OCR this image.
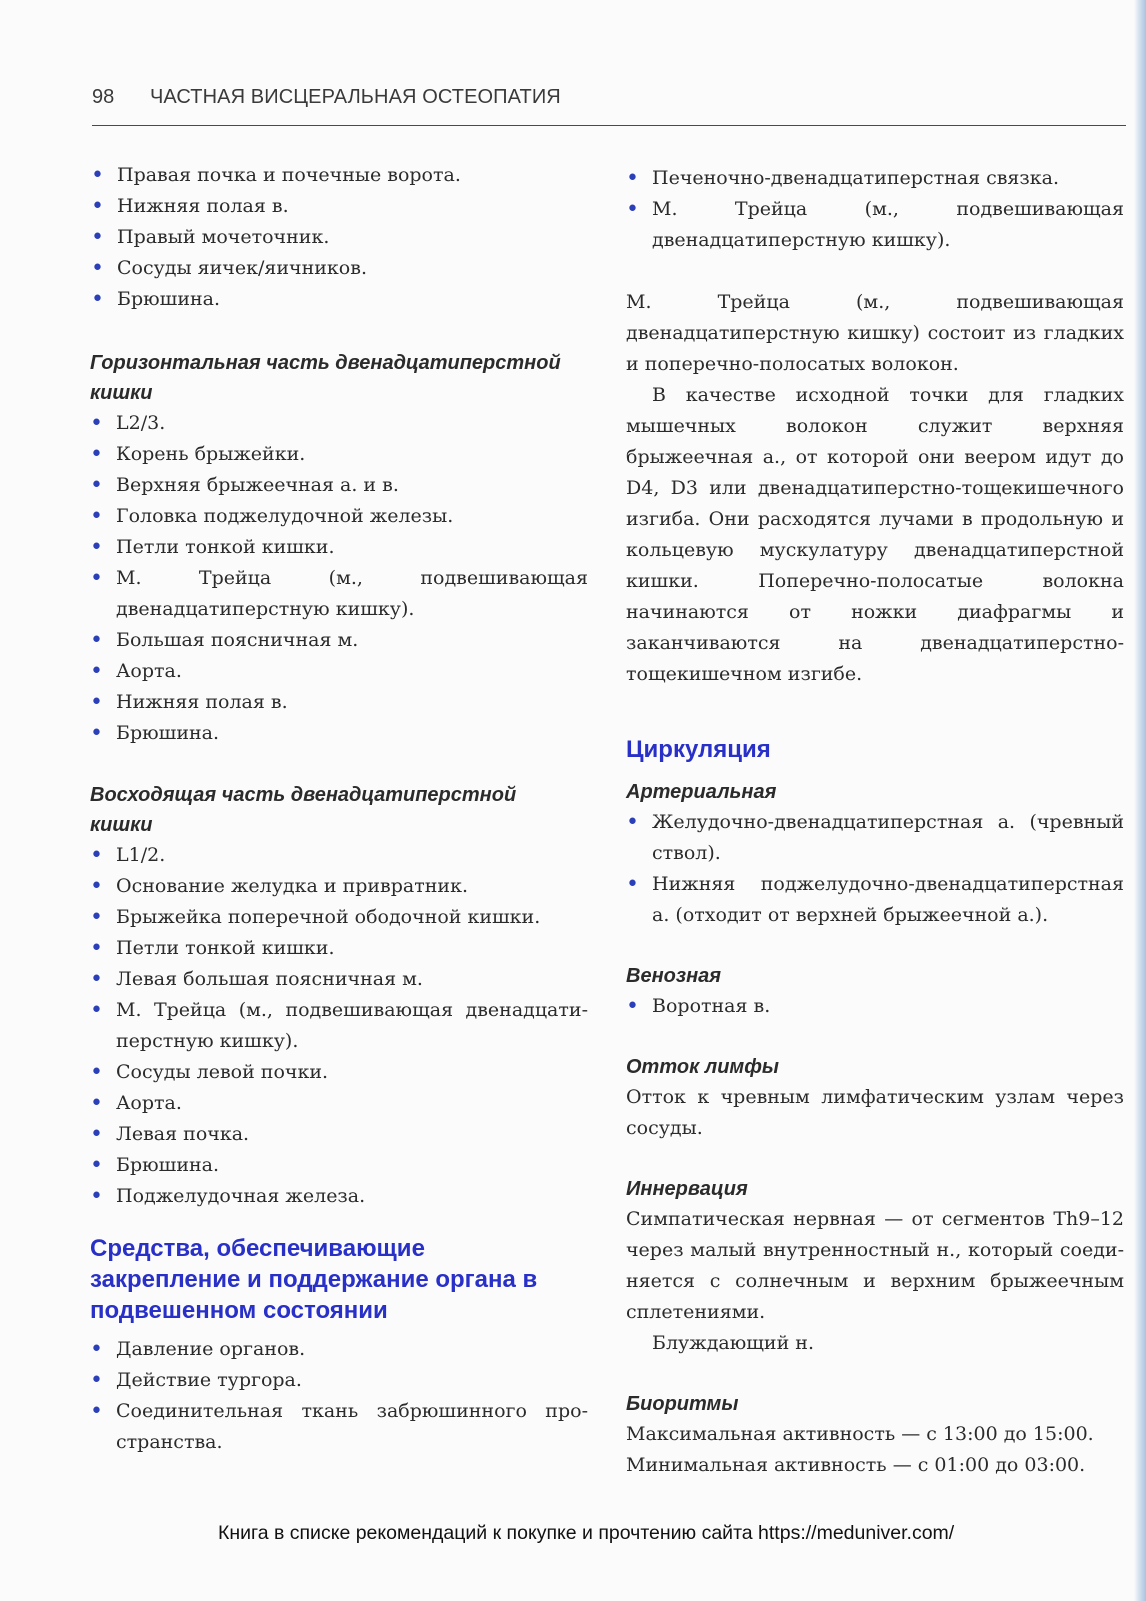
98 ЧАСТНАЯ ВИСЦЕРАЛЬНАЯ ОСТЕОПАТИЯ
• Правая почка и почечные ворота.
• Нижняя полая в.
• Правый мочеточник.
• Сосуды яичек/яичников.
• Брюшина.
Горизонтальная часть двенадцатиперстной кишки
• L2/3.
• Корень брыжейки.
• Верхняя брыжеечная а. и в.
• Головка поджелудочной железы.
• Петли тонкой кишки.
• М. Трейца (м., подвешивающая двенадцатиперстную кишку).
• Большая поясничная м.
• Аорта.
• Нижняя полая в.
• Брюшина.
Восходящая часть двенадцатиперстной кишки
• L1/2.
• Основание желудка и привратник.
• Брыжейка поперечной ободочной кишки.
• Петли тонкой кишки.
• Левая большая поясничная м.
• М. Трейца (м., подвешивающая двенадцатиперстную кишку).
• Сосуды левой почки.
• Аорта.
• Левая почка.
• Брюшина.
• Поджелудочная железа.
Средства, обеспечивающие закрепление и поддержание органа в подвешенном состоянии
• Давление органов.
• Действие тургора.
• Соединительная ткань забрюшинного пространства.
• Печеночно-двенадцатиперстная связка.
• М. Трейца (м., подвешивающая двенадцатиперстную кишку).

М. Трейца (м., подвешивающая двенадцатиперстную кишку) состоит из гладких и поперечно-полосатых волокон.

В качестве исходной точки для гладких мышечных волокон служит верхняя брыжеечная а., от которой они веером идут до D4, D3 или двенадцатиперстно-тощекишечного изгиба. Они расходятся лучами в продольную и кольцевую мускулатуру двенадцатиперстной кишки. Поперечно-полосатые волокна начинаются от ножки диафрагмы и заканчиваются на двенадцатиперстно-тощекишечном изгибе.

Циркуляция
Артериальная
• Желудочно-двенадцатиперстная а. (чревный ствол).
• Нижняя поджелудочно-двенадцатиперстная а. (отходит от верхней брыжеечной а.).
Венозная
• Воротная в.
Отток лимфы

Отток к чревным лимфатическим узлам через сосуды.

Иннервация

Симпатическая нервная — от сегментов Th9–12 через малый внутренностный н., который соединяется с солнечным и верхним брыжеечным сплетениями.

Блуждающий н.

Биоритмы

Максимальная активность — с 13:00 до 15:00.

Минимальная активность — с 01:00 до 03:00.

Книга в списке рекомендаций к покупке и прочтению сайта https://meduniver.com/
